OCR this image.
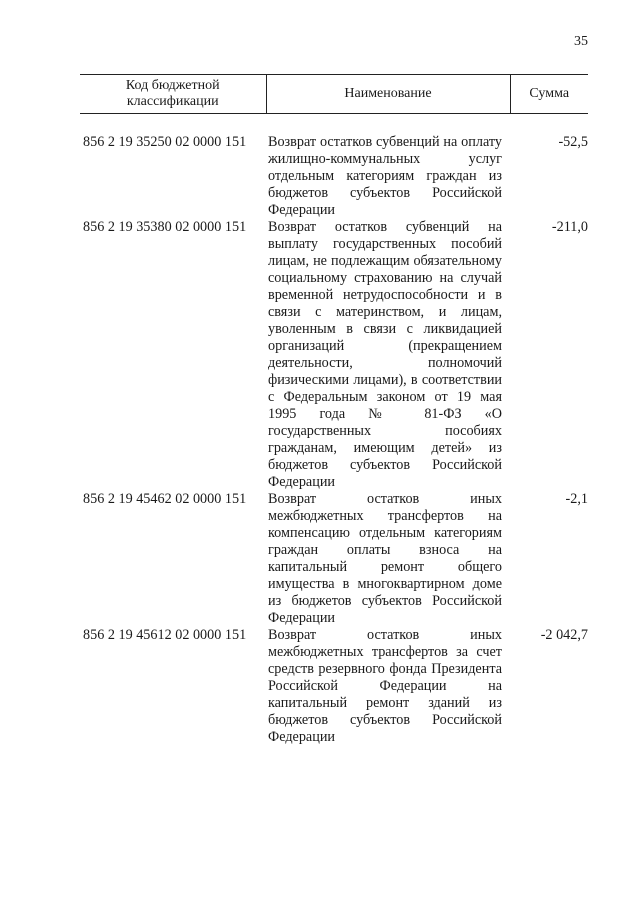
35
Код бюджетной классификации	Наименование	Сумма

856 2 19 35250 02 0000 151	Возврат остатков субвенций на оплату жилищно-коммунальных услуг отдельным категориям граждан из бюджетов субъектов Российской Федерации	-52,5
856 2 19 35380 02 0000 151	Возврат остатков субвенций на выплату государственных пособий лицам, не подлежащим обязательному социальному страхованию на случай временной нетрудоспособности и в связи с материнством, и лицам, уволенным в связи с ликвидацией организаций (прекращением деятельности, полномочий физическими лицами), в соответствии с Федеральным законом от 19 мая 1995 года № 81-ФЗ «О государственных пособиях гражданам, имеющим детей» из бюджетов субъектов Российской Федерации	-211,0
856 2 19 45462 02 0000 151	Возврат остатков иных межбюджетных трансфертов на компенсацию отдельным категориям граждан оплаты взноса на капитальный ремонт общего имущества в многоквартирном доме из бюджетов субъектов Российской Федерации	-2,1
856 2 19 45612 02 0000 151	Возврат остатков иных межбюджетных трансфертов за счет средств резервного фонда Президента Российской Федерации на капитальный ремонт зданий из бюджетов субъектов Российской Федерации	-2 042,7
